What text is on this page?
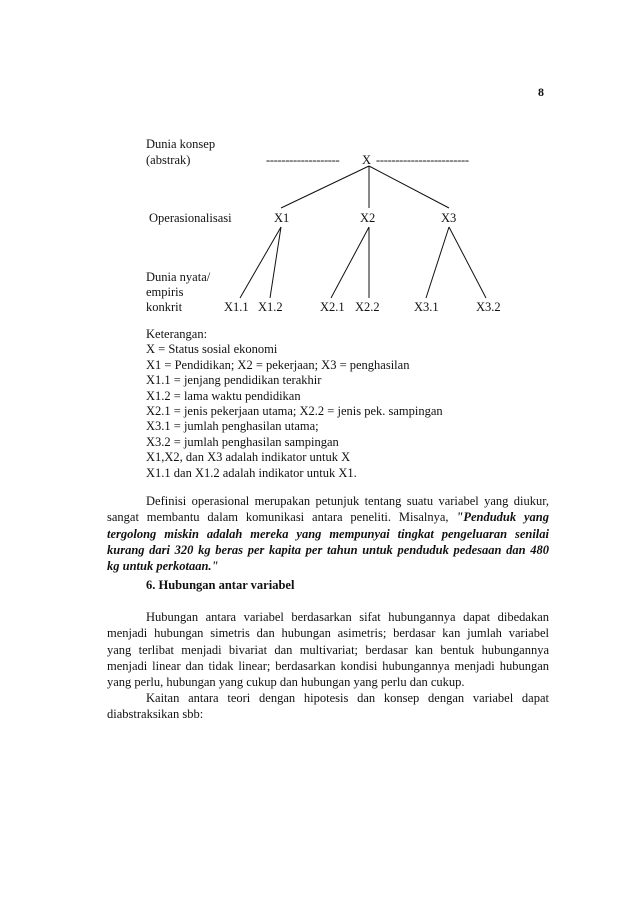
8
Dunia konsep
(abstrak)	------------------- X ------------------------
Operasionalisasi	X1	X2	X3
Dunia nyata/
empiris
konkrit	X1.1 X1.2	X2.1 X2.2	X3.1	X3.2
Keterangan:
X = Status sosial ekonomi
X1 = Pendidikan; X2 = pekerjaan; X3 = penghasilan
X1.1 = jenjang pendidikan terakhir
X1.2 = lama waktu pendidikan
X2.1 = jenis pekerjaan utama; X2.2 = jenis pek. sampingan
X3.1 = jumlah penghasilan utama;
X3.2 = jumlah penghasilan sampingan
X1,X2, dan X3 adalah indikator untuk X
X1.1 dan X1.2 adalah indikator untuk X1.
Definisi operasional merupakan petunjuk tentang suatu variabel yang diukur,
sangat membantu dalam komunikasi antara peneliti. Misalnya, "Penduduk yang
tergolong miskin adalah mereka yang mempunyai tingkat pengeluaran senilai
kurang dari 320 kg beras per kapita per tahun untuk penduduk pedesaan dan 480
kg untuk perkotaan."
6. Hubungan antar variabel
Hubungan antara variabel berdasarkan sifat hubungannya dapat dibedakan
menjadi hubungan simetris dan hubungan asimetris; berdasar kan jumlah variabel
yang terlibat menjadi bivariat dan multivariat; berdasar kan bentuk hubungannya
menjadi linear dan tidak linear; berdasarkan kondisi hubungannya menjadi hubungan
yang perlu, hubungan yang cukup dan hubungan yang perlu dan cukup.
Kaitan antara teori dengan hipotesis dan konsep dengan variabel dapat
diabstraksikan sbb:
